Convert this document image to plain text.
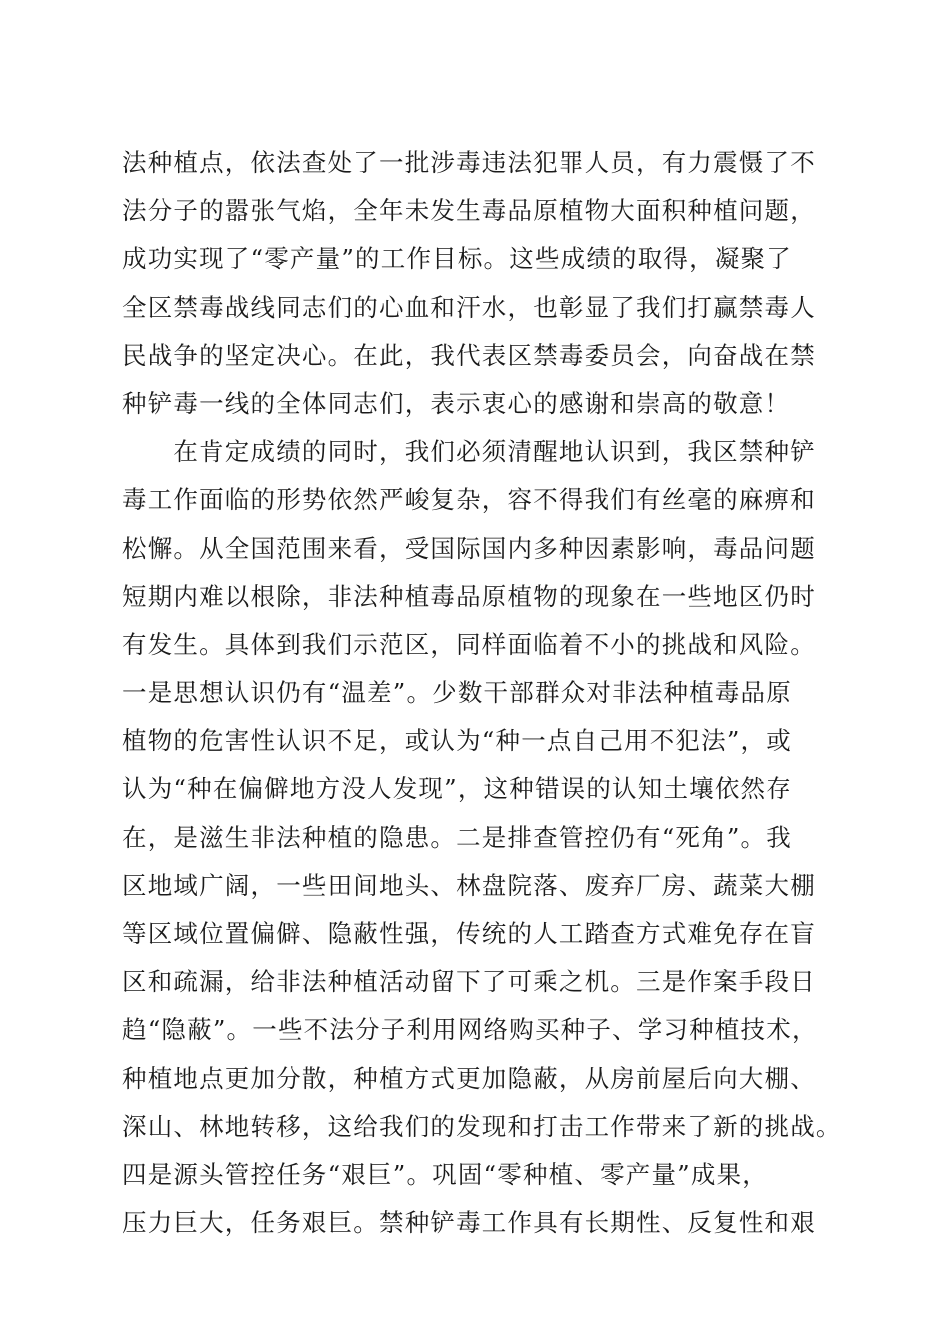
法种植点，依法查处了一批涉毒违法犯罪人员，有力震慑了不
法分子的嚣张气焰，全年未发生毒品原植物大面积种植问题，
成功实现了“零产量”的工作目标。这些成绩的取得，凝聚了
全区禁毒战线同志们的心血和汗水，也彰显了我们打赢禁毒人
民战争的坚定决心。在此，我代表区禁毒委员会，向奋战在禁
种铲毒一线的全体同志们，表示衷心的感谢和崇高的敬意！
　　在肯定成绩的同时，我们必须清醒地认识到，我区禁种铲
毒工作面临的形势依然严峻复杂，容不得我们有丝毫的麻痹和
松懈。从全国范围来看，受国际国内多种因素影响，毒品问题
短期内难以根除，非法种植毒品原植物的现象在一些地区仍时
有发生。具体到我们示范区，同样面临着不小的挑战和风险。
一是思想认识仍有“温差”。少数干部群众对非法种植毒品原
植物的危害性认识不足，或认为“种一点自己用不犯法”，或
认为“种在偏僻地方没人发现”，这种错误的认知土壤依然存
在，是滋生非法种植的隐患。二是排查管控仍有“死角”。我
区地域广阔，一些田间地头、林盘院落、废弃厂房、蔬菜大棚
等区域位置偏僻、隐蔽性强，传统的人工踏查方式难免存在盲
区和疏漏，给非法种植活动留下了可乘之机。三是作案手段日
趋“隐蔽”。一些不法分子利用网络购买种子、学习种植技术，
种植地点更加分散，种植方式更加隐蔽，从房前屋后向大棚、
深山、林地转移，这给我们的发现和打击工作带来了新的挑战。
四是源头管控任务“艰巨”。巩固“零种植、零产量”成果，
压力巨大，任务艰巨。禁种铲毒工作具有长期性、反复性和艰
